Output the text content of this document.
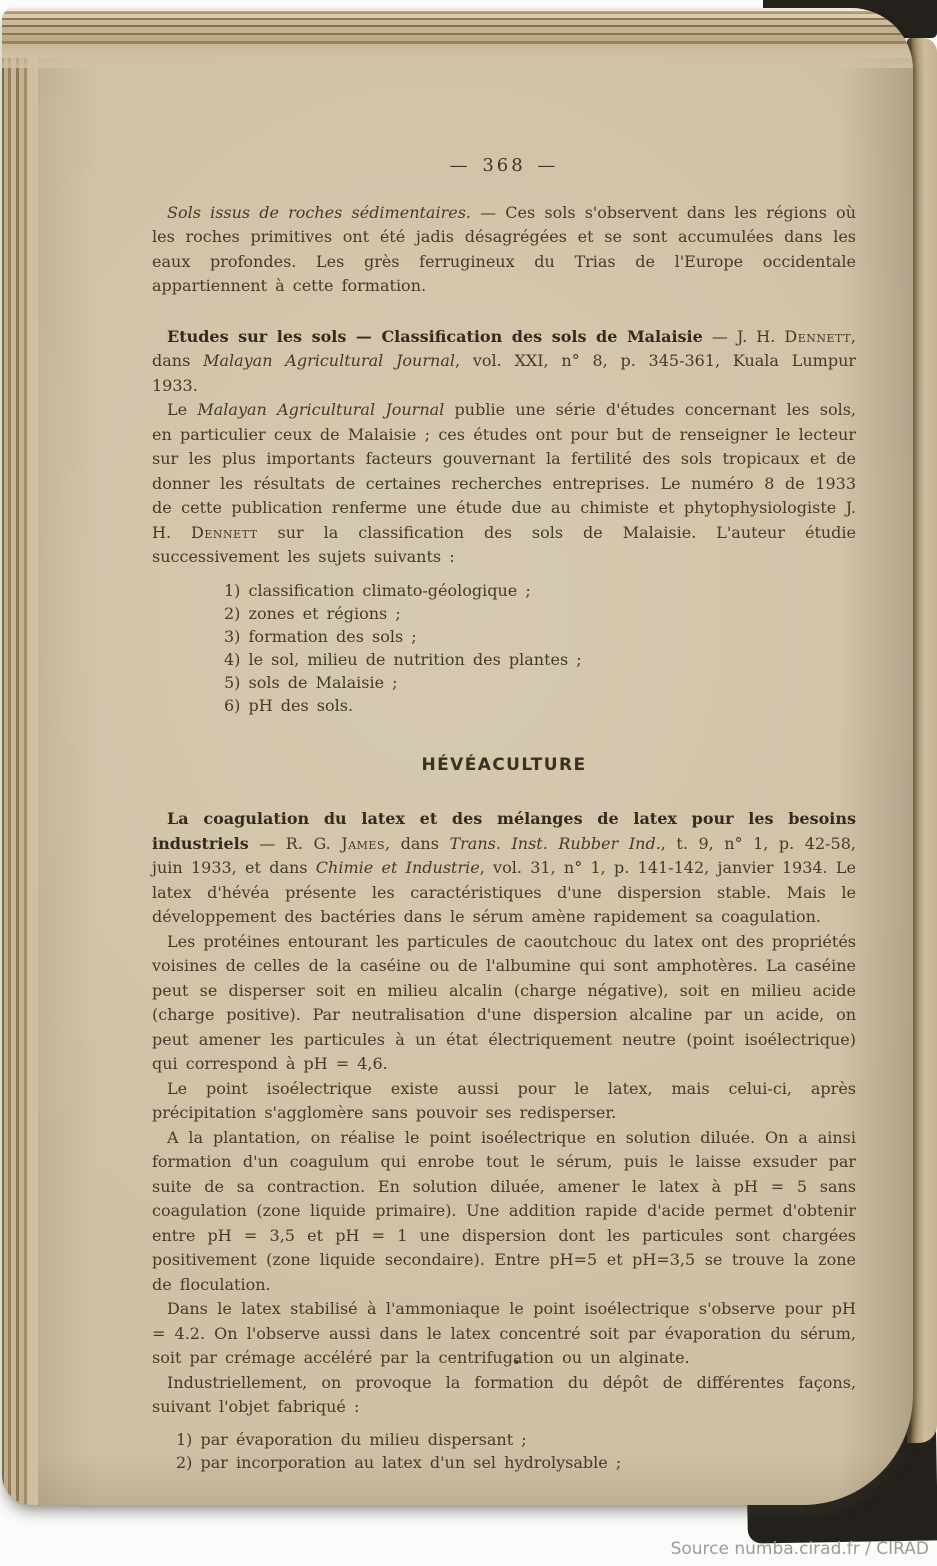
— 368 —

Sols issus de roches sédimentaires. — Ces sols s'observent dans les régions où les roches primitives ont été jadis désagrégées et se sont accumulées dans les eaux profondes. Les grès ferrugineux du Trias de l'Europe occidentale appartiennent à cette formation.

Etudes sur les sols — Classification des sols de Malaisie — J. H. Dennett, dans Malayan Agricultural Journal, vol. XXI, n° 8, p. 345-361, Kuala Lumpur 1933.

Le Malayan Agricultural Journal publie une série d'études concernant les sols, en particulier ceux de Malaisie ; ces études ont pour but de renseigner le lecteur sur les plus importants facteurs gouvernant la fertilité des sols tropicaux et de donner les résultats de certaines recherches entreprises. Le numéro 8 de 1933 de cette publication renferme une étude due au chimiste et phytophysiologiste J. H. Dennett sur la classification des sols de Malaisie. L'auteur étudie successivement les sujets suivants :

1) classification climato-géologique ;

2) zones et régions ;

3) formation des sols ;

4) le sol, milieu de nutrition des plantes ;

5) sols de Malaisie ;

6) pH des sols.

HÉVÉACULTURE

La coagulation du latex et des mélanges de latex pour les besoins industriels — R. G. James, dans Trans. Inst. Rubber Ind., t. 9, n° 1, p. 42-58, juin 1933, et dans Chimie et Industrie, vol. 31, n° 1, p. 141-142, janvier 1934. Le latex d'hévéa présente les caractéristiques d'une dispersion stable. Mais le développement des bactéries dans le sérum amène rapidement sa coagulation.

Les protéines entourant les particules de caoutchouc du latex ont des propriétés voisines de celles de la caséine ou de l'albumine qui sont amphotères. La caséine peut se disperser soit en milieu alcalin (charge négative), soit en milieu acide (charge positive). Par neutralisation d'une dispersion alcaline par un acide, on peut amener les particules à un état électriquement neutre (point isoélectrique) qui correspond à pH = 4,6.

Le point isoélectrique existe aussi pour le latex, mais celui-ci, après précipitation s'agglomère sans pouvoir ses redisperser.

A la plantation, on réalise le point isoélectrique en solution diluée. On a ainsi formation d'un coagulum qui enrobe tout le sérum, puis le laisse exsuder par suite de sa contraction. En solution diluée, amener le latex à pH = 5 sans coagulation (zone liquide primaire). Une addition rapide d'acide permet d'obtenir entre pH = 3,5 et pH = 1 une dispersion dont les particules sont chargées positivement (zone liquide secondaire). Entre pH=5 et pH=3,5 se trouve la zone de floculation.

Dans le latex stabilisé à l'ammoniaque le point isoélectrique s'observe pour pH = 4.2. On l'observe aussi dans le latex concentré soit par évaporation du sérum, soit par crémage accéléré par la centrifugation ou un alginate.

Industriellement, on provoque la formation du dépôt de différentes façons, suivant l'objet fabriqué :

1) par évaporation du milieu dispersant ;

2) par incorporation au latex d'un sel hydrolysable ;

Source numba.cirad.fr / CIRAD
